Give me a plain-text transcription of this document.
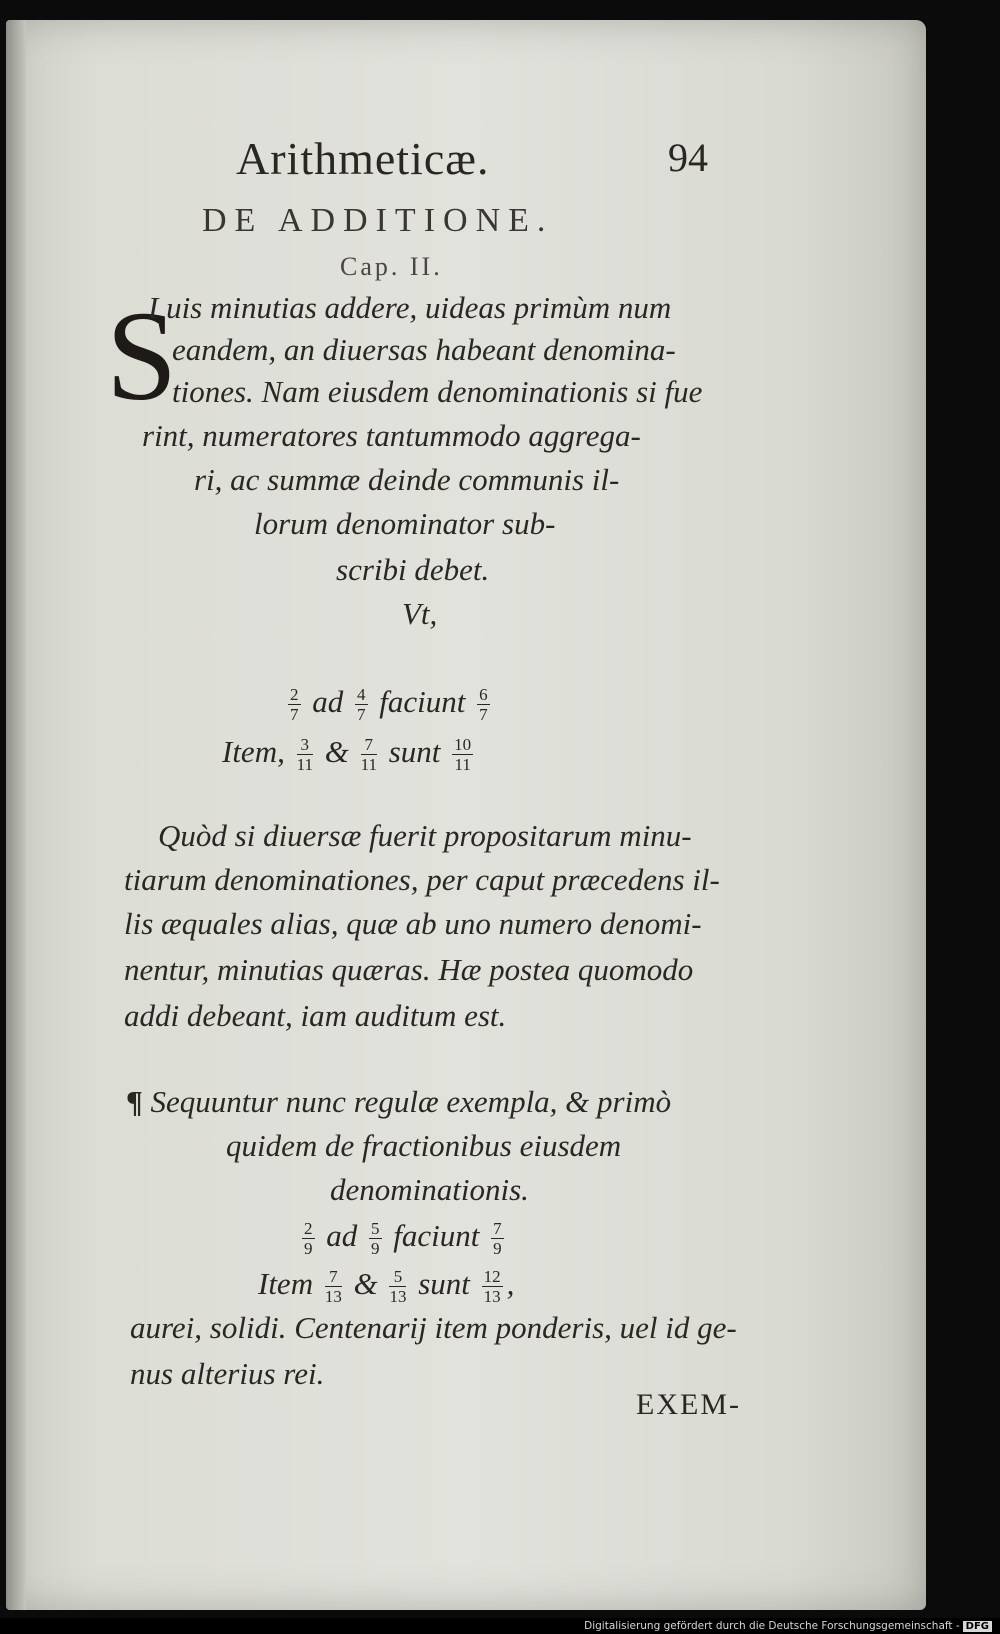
Arithmeticæ.	94
DE ADDITIONE.
Cap. II.
S
I uis minutias addere, uideas primùm num
eandem, an diuersas habeant denomina-
tiones. Nam eiusdem denominationis si fue
rint, numeratores tantummodo aggrega-
ri, ac summæ deinde communis il-
lorum denominator sub-
scribi debet.
Vt,
$\frac{2}{7}$ ad $\frac{4}{7}$ faciunt $\frac{6}{7}$
Item, $\frac{3}{11}$ & $\frac{7}{11}$ sunt $\frac{10}{11}$
Quòd si diuersæ fuerit propositarum minu-
tiarum denominationes, per caput præcedens il-
lis æquales alias, quæ ab uno numero denomi-
nentur, minutias quæras. Hæ postea quomodo
addi debeant, iam auditum est.
¶ Sequuntur nunc regulæ exempla, & primò
quidem de fractionibus eiusdem
denominationis.
$\frac{2}{9}$ ad $\frac{5}{9}$ faciunt $\frac{7}{9}$
Item $\frac{7}{13}$ & $\frac{5}{13}$ sunt $\frac{12}{13}$ ,
aurei, solidi. Centenarij item ponderis, uel id ge-
nus alterius rei.
EXEM-
Digitalisierung gefördert durch die Deutsche Forschungsgemeinschaft - DFG
